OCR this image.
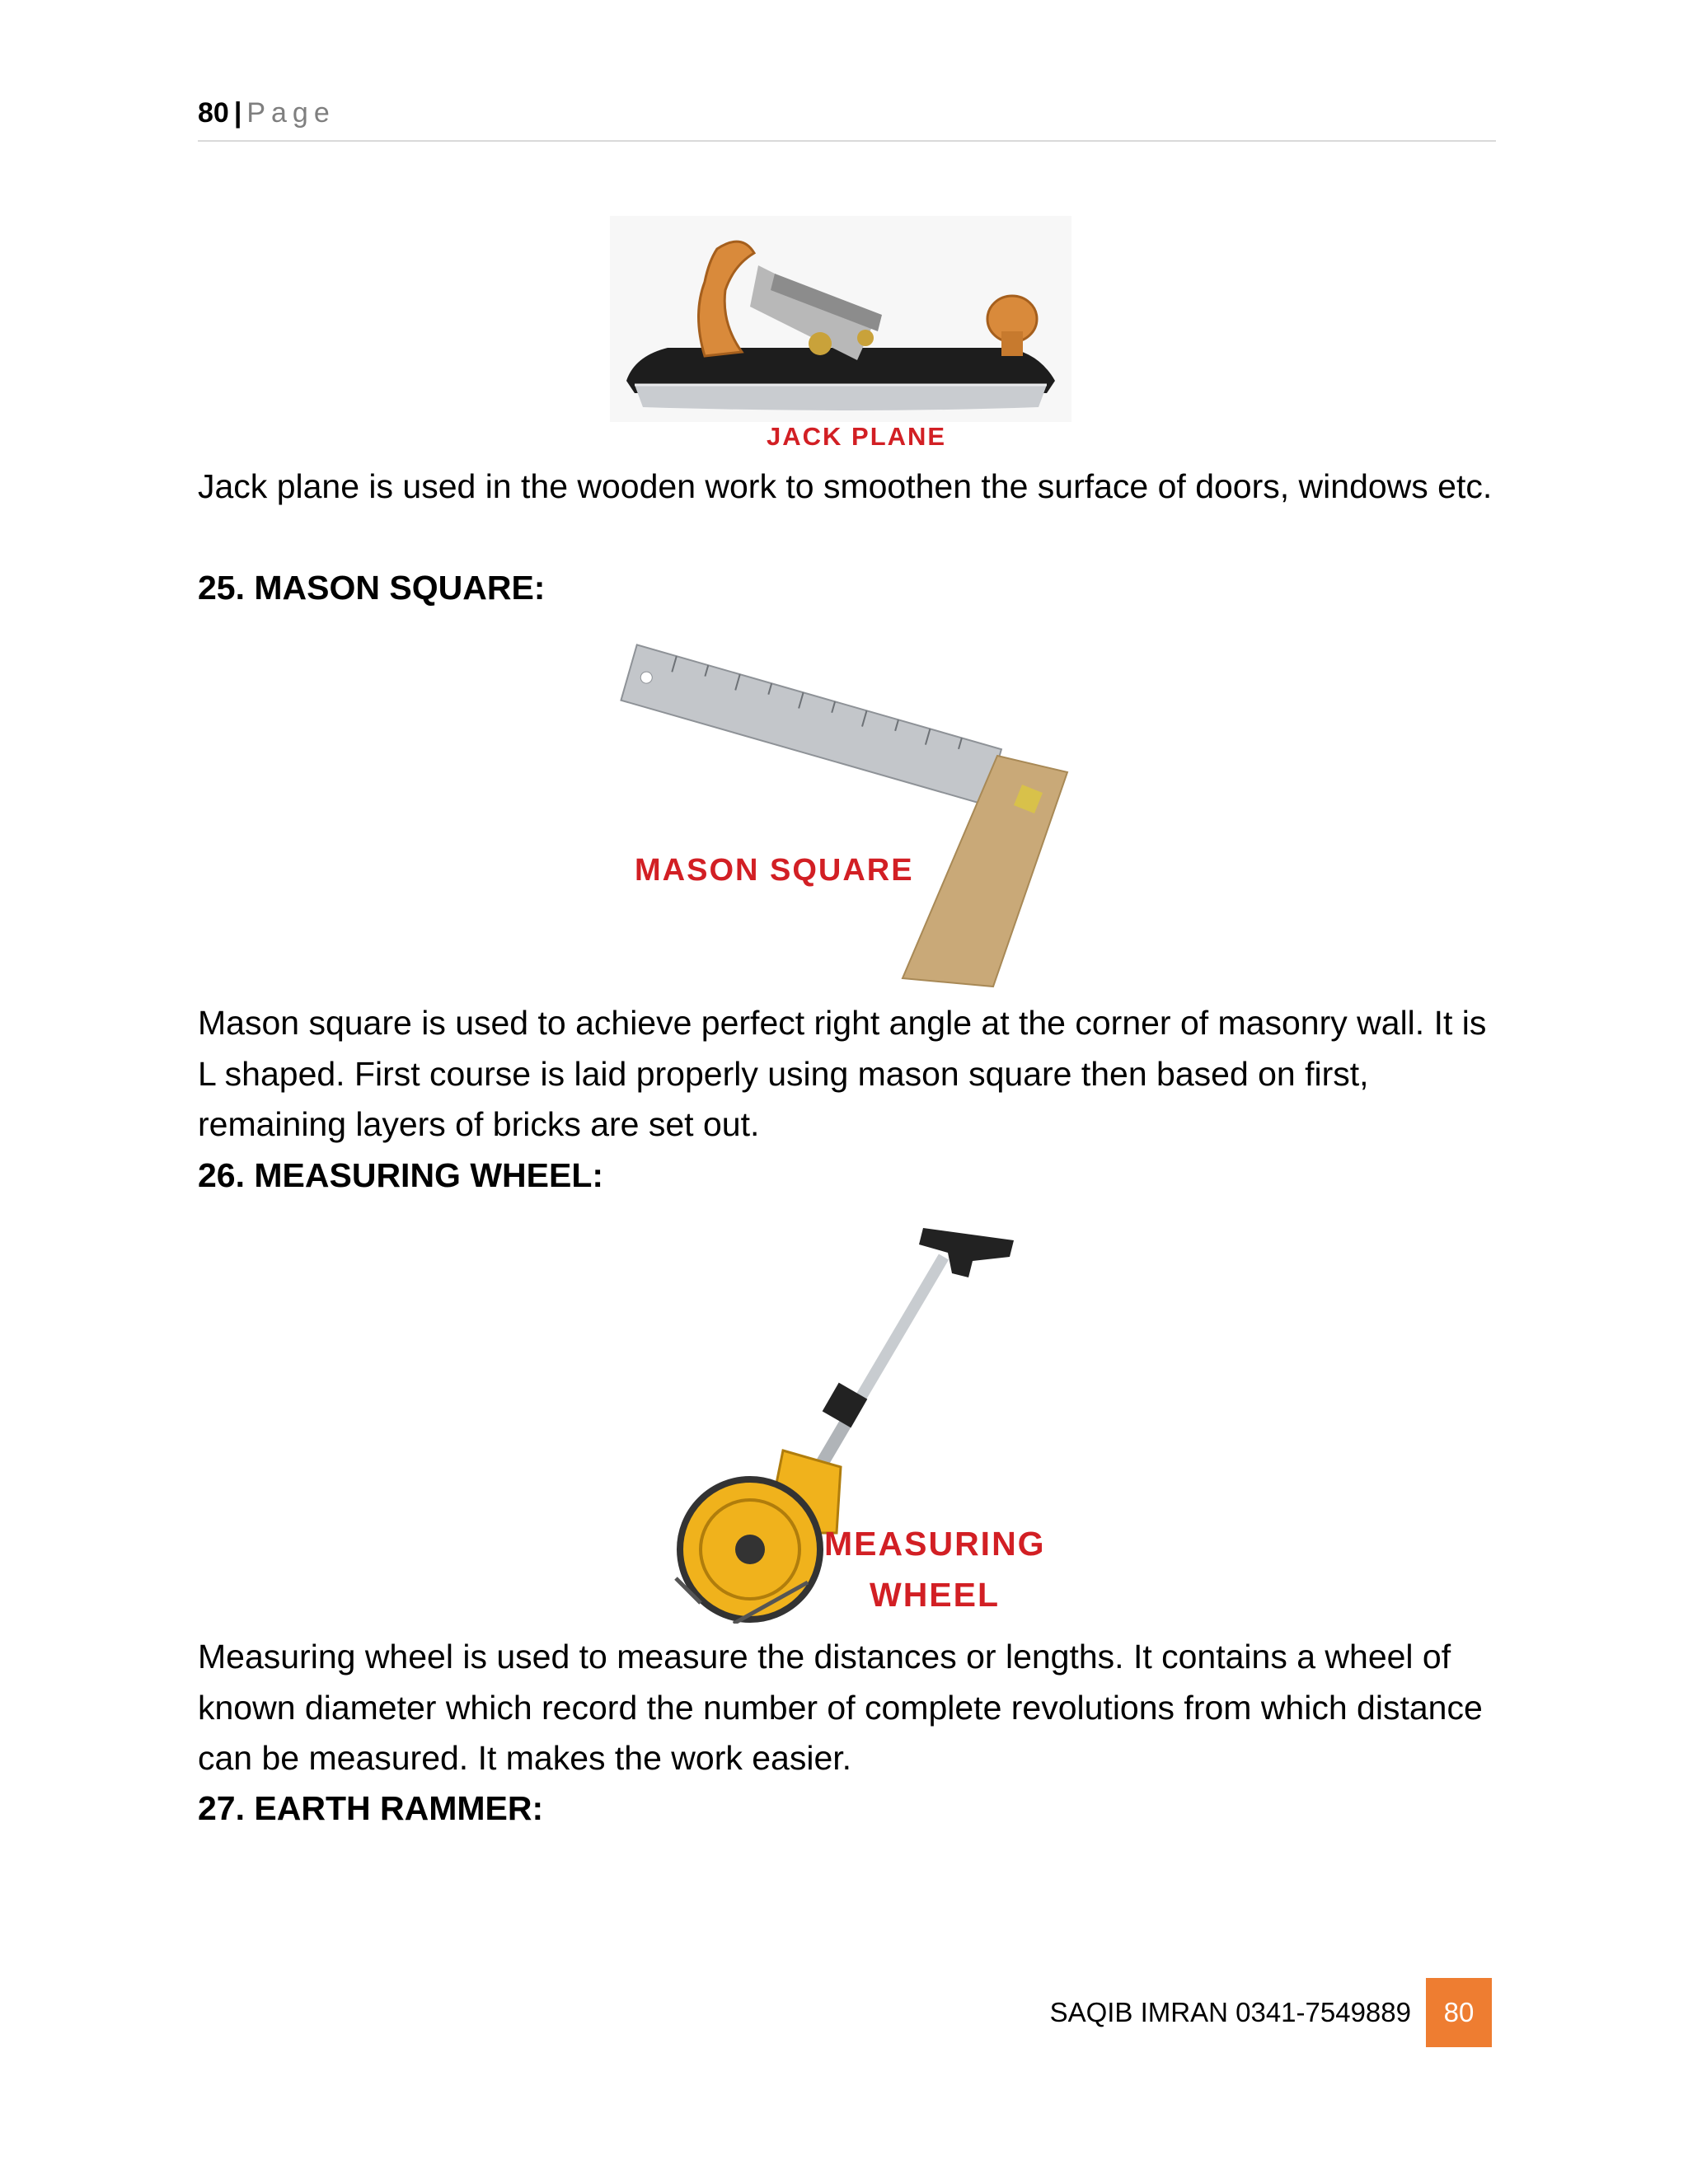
80 | Page
JACK PLANE
Jack plane is used in the wooden work to smoothen the surface of doors, windows etc.
25. MASON SQUARE:
MASON SQUARE
Mason square is used to achieve perfect right angle at the corner of masonry wall. It is L shaped. First course is laid properly using mason square then based on first, remaining layers of bricks are set out.
26. MEASURING WHEEL:
MEASURING
WHEEL
Measuring wheel is used to measure the distances or lengths. It contains a wheel of known diameter which record the number of complete revolutions from which distance can be measured. It makes the work easier.
27. EARTH RAMMER:
SAQIB IMRAN 0341-7549889	80
